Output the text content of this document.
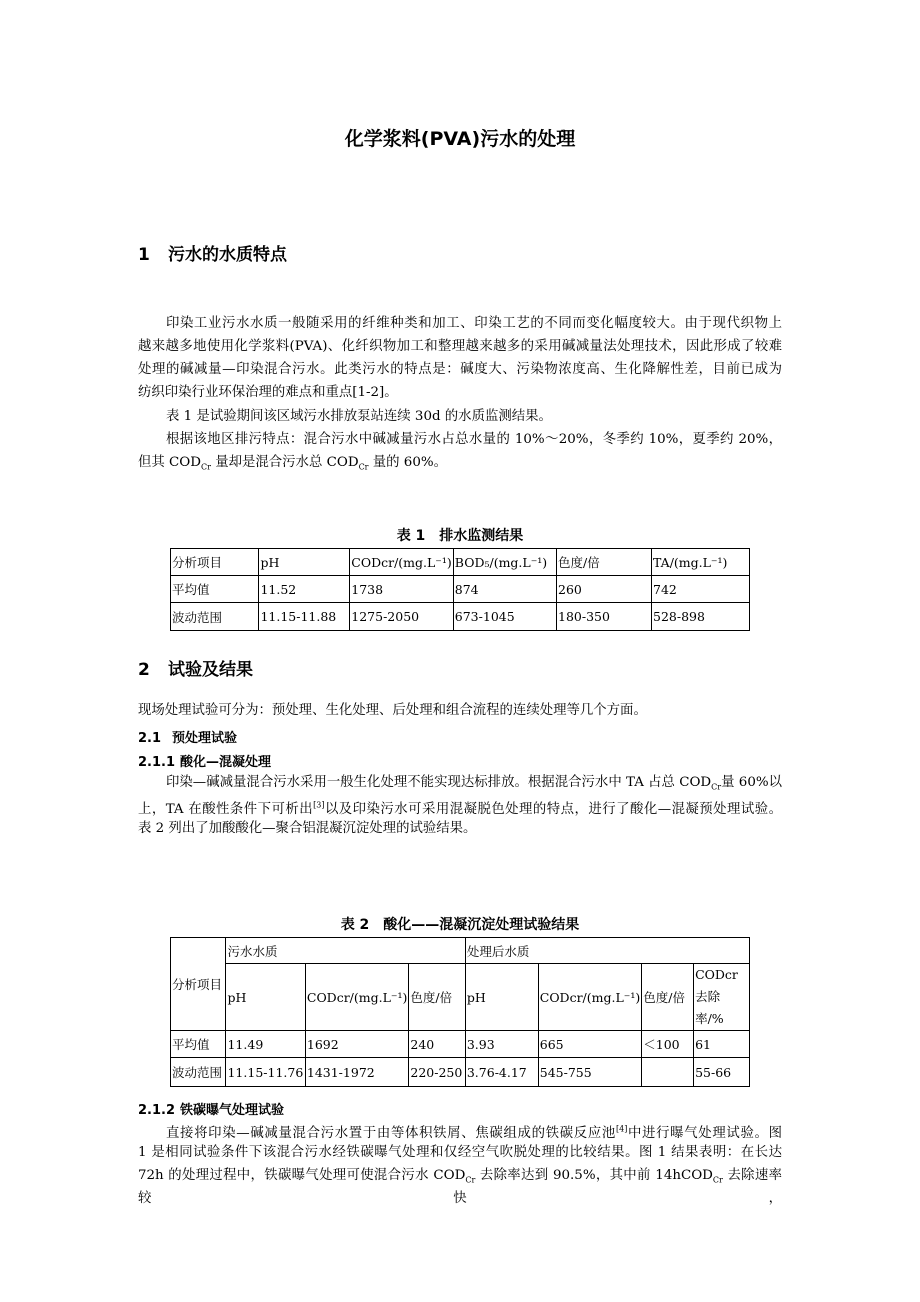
化学浆料(PVA)污水的处理
1 污水的水质特点
印染工业污水水质一般随采用的纤维种类和加工、印染工艺的不同而变化幅度较大。由于现代织物上
越来越多地使用化学浆料(PVA)、化纤织物加工和整理越来越多的采用碱减量法处理技术，因此形成了较难
处理的碱减量—印染混合污水。此类污水的特点是：碱度大、污染物浓度高、生化降解性差，目前已成为
纺织印染行业环保治理的难点和重点[1-2]。
表 1 是试验期间该区域污水排放泵站连续 30d 的水质监测结果。
根据该地区排污特点：混合污水中碱减量污水占总水量的 10%～20%，冬季约 10%，夏季约 20%，
但其 $COD_{Cr}$ 量却是混合污水总 $COD_{Cr}$ 量的 60%。
表 1　排水监测结果
分析项目	pH	CODcr/(mg.L⁻¹)	BOD₅/(mg.L⁻¹)	色度/倍	TA/(mg.L⁻¹)
平均值	11.52	1738	874	260	742
波动范围	11.15-11.88	1275-2050	673-1045	180-350	528-898
2 试验及结果
现场处理试验可分为：预处理、生化处理、后处理和组合流程的连续处理等几个方面。
2.1 预处理试验
2.1.1 酸化—混凝处理
印染—碱减量混合污水采用一般生化处理不能实现达标排放。根据混合污水中 TA 占总 $COD_{Cr}$量 60%以
上，TA 在酸性条件下可析出[3]以及印染污水可采用混凝脱色处理的特点，进行了酸化—混凝预处理试验。
表 2 列出了加酸酸化—聚合铝混凝沉淀处理的试验结果。
表 2　酸化——混凝沉淀处理试验结果
分析项目	污水水质			处理后水质			
	pH	CODcr/(mg.L⁻¹)	色度/倍	pH	CODcr/(mg.L⁻¹)	色度/倍	CODcr 去除率/%
平均值	11.49	1692	240	3.93	665	＜100	61
波动范围	11.15-11.76	1431-1972	220-250	3.76-4.17	545-755		55-66
2.1.2 铁碳曝气处理试验
直接将印染—碱减量混合污水置于由等体积铁屑、焦碳组成的铁碳反应池[4]中进行曝气处理试验。图
1 是相同试验条件下该混合污水经铁碳曝气处理和仅经空气吹脱处理的比较结果。图 1 结果表明：在长达
72h 的处理过程中，铁碳曝气处理可使混合污水 $COD_{Cr}$ 去除率达到 90.5%，其中前 14hCOD$_{Cr}$ 去除速率较快，
